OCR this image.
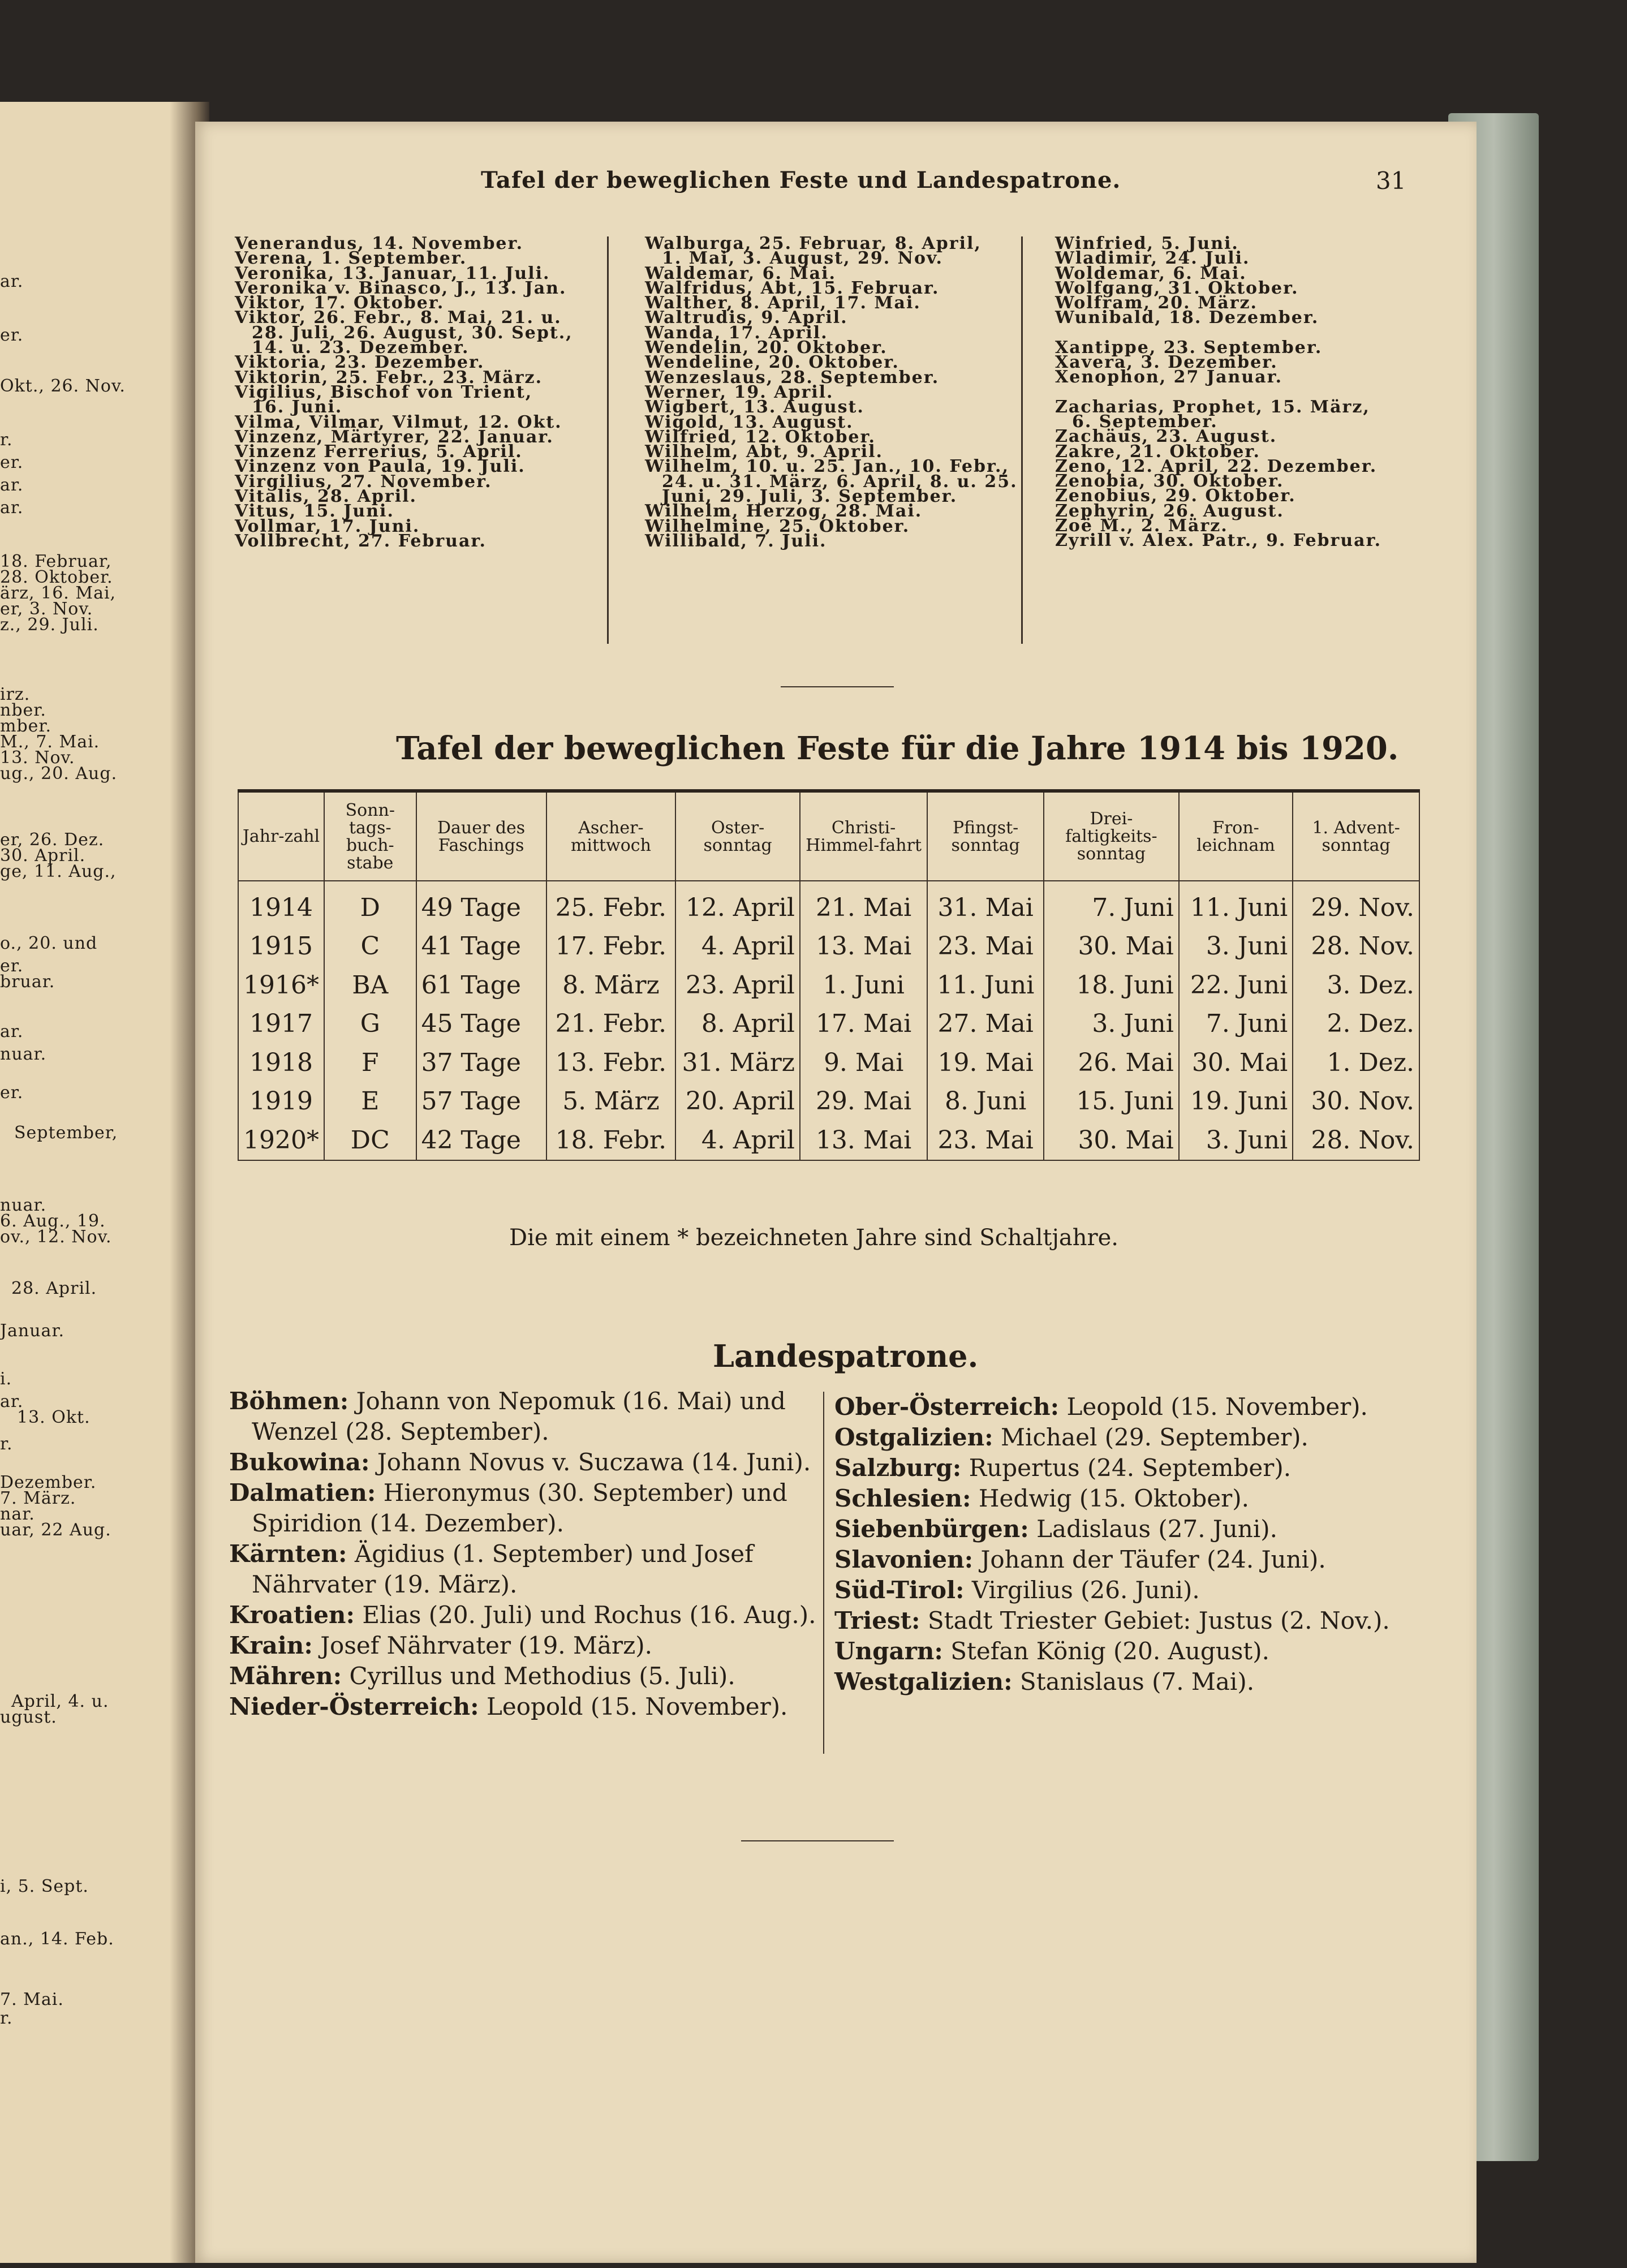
ar.
er.
Okt., 26. Nov.
r.
er.
ar.
ar.
18. Februar,
28. Oktober.
ärz, 16. Mai,
er, 3. Nov.
z., 29. Juli.
irz.
nber.
mber.
M., 7. Mai.
13. Nov.
ug., 20. Aug.
er, 26. Dez.
30. April.
ge, 11. Aug.,
o., 20. und
er.
bruar.
ar.
nuar.
er.
September,
nuar.
6. Aug., 19.
ov., 12. Nov.
28. April.
Januar.
i.
ar.
13. Okt.
r.
Dezember.
7. März.
nar.
uar, 22 Aug.
April, 4. u.
ugust.
i, 5. Sept.
an., 14. Feb.
7. Mai.
r.
Tafel der beweglichen Feste und Landespatrone.	31
Venerandus, 14. November.
Verena, 1. September.
Veronika, 13. Januar, 11. Juli.
Veronika v. Binasco, J., 13. Jan.
Viktor, 17. Oktober.
Viktor, 26. Febr., 8. Mai, 21. u.
28. Juli, 26. August, 30. Sept.,
14. u. 23. Dezember.
Viktoria, 23. Dezember.
Viktorin, 25. Febr., 23. März.
Vigilius, Bischof von Trient,
16. Juni.
Vilma, Vilmar, Vilmut, 12. Okt.
Vinzenz, Märtyrer, 22. Januar.
Vinzenz Ferrerius, 5. April.
Vinzenz von Paula, 19. Juli.
Virgilius, 27. November.
Vitalis, 28. April.
Vitus, 15. Juni.
Vollmar, 17. Juni.
Vollbrecht, 27. Februar.
Walburga, 25. Februar, 8. April,
1. Mai, 3. August, 29. Nov.
Waldemar, 6. Mai.
Walfridus, Abt, 15. Februar.
Walther, 8. April, 17. Mai.
Waltrudis, 9. April.
Wanda, 17. April.
Wendelin, 20. Oktober.
Wendeline, 20. Oktober.
Wenzeslaus, 28. September.
Werner, 19. April.
Wigbert, 13. August.
Wigold, 13. August.
Wilfried, 12. Oktober.
Wilhelm, Abt, 9. April.
Wilhelm, 10. u. 25. Jan., 10. Febr.,
24. u. 31. März, 6. April, 8. u. 25.
Juni, 29. Juli, 3. September.
Wilhelm, Herzog, 28. Mai.
Wilhelmine, 25. Oktober.
Willibald, 7. Juli.
Winfried, 5. Juni.
Wladimir, 24. Juli.
Woldemar, 6. Mai.
Wolfgang, 31. Oktober.
Wolfram, 20. März.
Wunibald, 18. Dezember.
Xantippe, 23. September.
Xavera, 3. Dezember.
Xenophon, 27 Januar.
Zacharias, Prophet, 15. März,
6. September.
Zachäus, 23. August.
Zakre, 21. Oktober.
Zeno, 12. April, 22. Dezember.
Zenobia, 30. Oktober.
Zenobius, 29. Oktober.
Zephyrin, 26. August.
Zoë M., 2. März.
Zyrill v. Alex. Patr., 9. Februar.
Tafel der beweglichen Feste für die Jahre 1914 bis 1920.
Jahr-zahl	Sonn-tags-buch-stabe	Dauer des Faschings	Ascher-mittwoch	Oster-sonntag	Christi-Himmel-fahrt	Pfingst-sonntag	Drei-faltigkeits-sonntag	Fron-leichnam	1. Advent-sonntag
1914	D	49 Tage	25. Febr.	12. April	21. Mai	31. Mai	7. Juni	11. Juni	29. Nov.
1915	C	41 Tage	17. Febr.	4. April	13. Mai	23. Mai	30. Mai	3. Juni	28. Nov.
1916*	BA	61 Tage	8. März	23. April	1. Juni	11. Juni	18. Juni	22. Juni	3. Dez.
1917	G	45 Tage	21. Febr.	8. April	17. Mai	27. Mai	3. Juni	7. Juni	2. Dez.
1918	F	37 Tage	13. Febr.	31. März	9. Mai	19. Mai	26. Mai	30. Mai	1. Dez.
1919	E	57 Tage	5. März	20. April	29. Mai	8. Juni	15. Juni	19. Juni	30. Nov.
1920*	DC	42 Tage	18. Febr.	4. April	13. Mai	23. Mai	30. Mai	3. Juni	28. Nov.
Die mit einem * bezeichneten Jahre sind Schaltjahre.
Landespatrone.
Böhmen: Johann von Nepomuk (16. Mai) und
Wenzel (28. September).
Bukowina: Johann Novus v. Suczawa (14. Juni).
Dalmatien: Hieronymus (30. September) und
Spiridion (14. Dezember).
Kärnten: Ägidius (1. September) und Josef
Nährvater (19. März).
Kroatien: Elias (20. Juli) und Rochus (16. Aug.).
Krain: Josef Nährvater (19. März).
Mähren: Cyrillus und Methodius (5. Juli).
Nieder-Österreich: Leopold (15. November).
Ober-Österreich: Leopold (15. November).
Ostgalizien: Michael (29. September).
Salzburg: Rupertus (24. September).
Schlesien: Hedwig (15. Oktober).
Siebenbürgen: Ladislaus (27. Juni).
Slavonien: Johann der Täufer (24. Juni).
Süd-Tirol: Virgilius (26. Juni).
Triest: Stadt Triester Gebiet: Justus (2. Nov.).
Ungarn: Stefan König (20. August).
Westgalizien: Stanislaus (7. Mai).
